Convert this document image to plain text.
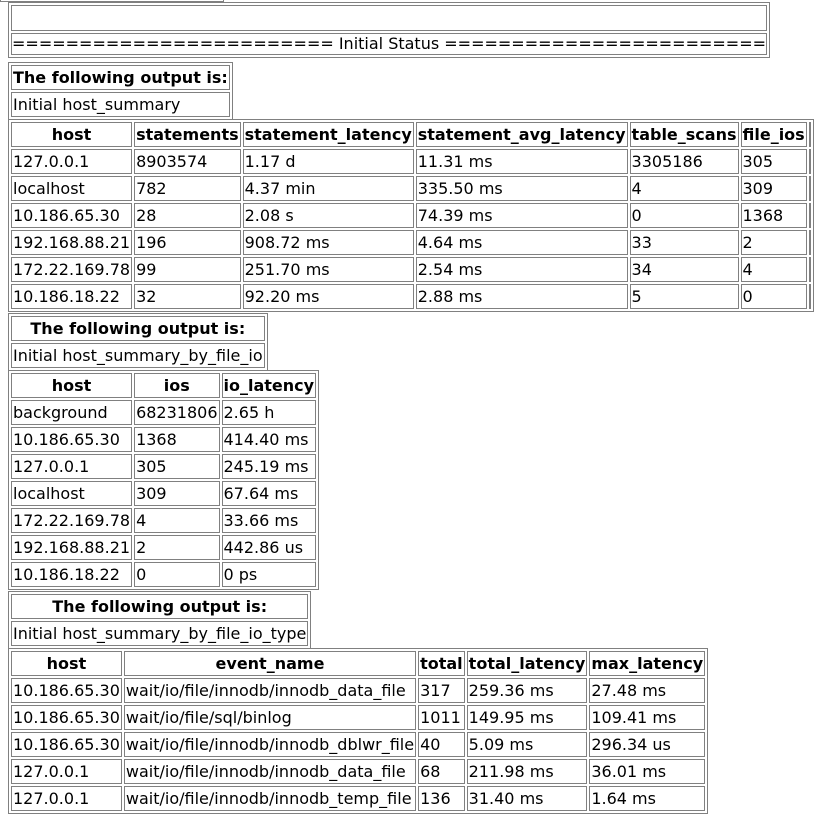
======================== Initial Status ========================
The following output is:
Initial host_summary
host	statements	statement_latency	statement_avg_latency	table_scans	file_ios	
127.0.0.1	8903574	1.17 d	11.31 ms	3305186	305	
localhost	782	4.37 min	335.50 ms	4	309	
10.186.65.30	28	2.08 s	74.39 ms	0	1368	
192.168.88.21	196	908.72 ms	4.64 ms	33	2	
172.22.169.78	99	251.70 ms	2.54 ms	34	4	
10.186.18.22	32	92.20 ms	2.88 ms	5	0	
The following output is:
Initial host_summary_by_file_io
host	ios	io_latency
background	68231806	2.65 h
10.186.65.30	1368	414.40 ms
127.0.0.1	305	245.19 ms
localhost	309	67.64 ms
172.22.169.78	4	33.66 ms
192.168.88.21	2	442.86 us
10.186.18.22	0	0 ps
The following output is:
Initial host_summary_by_file_io_type
host	event_name	total	total_latency	max_latency
10.186.65.30	wait/io/file/innodb/innodb_data_file	317	259.36 ms	27.48 ms
10.186.65.30	wait/io/file/sql/binlog	1011	149.95 ms	109.41 ms
10.186.65.30	wait/io/file/innodb/innodb_dblwr_file	40	5.09 ms	296.34 us
127.0.0.1	wait/io/file/innodb/innodb_data_file	68	211.98 ms	36.01 ms
127.0.0.1	wait/io/file/innodb/innodb_temp_file	136	31.40 ms	1.64 ms
